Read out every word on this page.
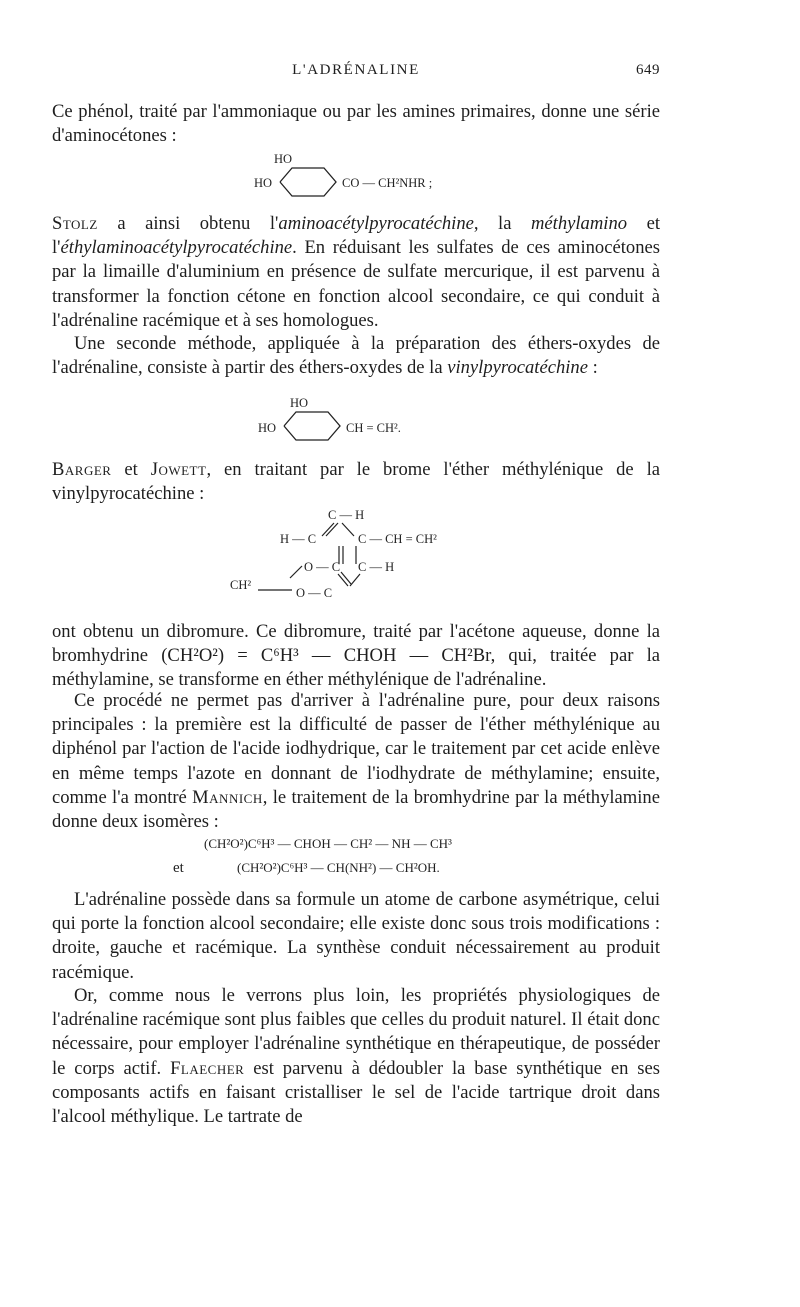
L'ADRÉNALINE	649

Ce phénol, traité par l'ammoniaque ou par les amines primaires, donne une série d'aminocétones :

HO
HO	CO — CH²NHR ;

Stolz a ainsi obtenu l'aminoacétylpyrocatéchine, la méthylamino et l'éthylaminoacétylpyrocatéchine. En réduisant les sulfates de ces aminocétones par la limaille d'aluminium en présence de sulfate mercurique, il est parvenu à transformer la fonction cétone en fonction alcool secondaire, ce qui conduit à l'adrénaline racémique et à ses homologues.

Une seconde méthode, appliquée à la préparation des éthers-oxydes de l'adrénaline, consiste à partir des éthers-oxydes de la vinylpyrocatéchine :

HO
HO	CH = CH².

Barger et Jowett, en traitant par le brome l'éther méthylénique de la vinylpyrocatéchine :

C — H
H — C	C — CH = CH²
O — C C — H
CH²
O — C

ont obtenu un dibromure. Ce dibromure, traité par l'acétone aqueuse, donne la bromhydrine (CH²O²) = C⁶H³ — CHOH — CH²Br, qui, traitée par la méthylamine, se transforme en éther méthylénique de l'adrénaline.

Ce procédé ne permet pas d'arriver à l'adrénaline pure, pour deux raisons principales : la première est la difficulté de passer de l'éther méthylénique au diphénol par l'action de l'acide iodhydrique, car le traitement par cet acide enlève en même temps l'azote en donnant de l'iodhydrate de méthylamine; ensuite, comme l'a montré Mannich, le traitement de la bromhydrine par la méthylamine donne deux isomères :

(CH²O²)C⁶H³ — CHOH — CH² — NH — CH³
et	(CH²O²)C⁶H³ — CH(NH²) — CH²OH.

L'adrénaline possède dans sa formule un atome de carbone asymétrique, celui qui porte la fonction alcool secondaire; elle existe donc sous trois modifications : droite, gauche et racémique. La synthèse conduit nécessairement au produit racémique.

Or, comme nous le verrons plus loin, les propriétés physiologiques de l'adrénaline racémique sont plus faibles que celles du produit naturel. Il était donc nécessaire, pour employer l'adrénaline synthétique en thérapeutique, de posséder le corps actif. Flaecher est parvenu à dédoubler la base synthétique en ses composants actifs en faisant cristalliser le sel de l'acide tartrique droit dans l'alcool méthylique. Le tartrate de
